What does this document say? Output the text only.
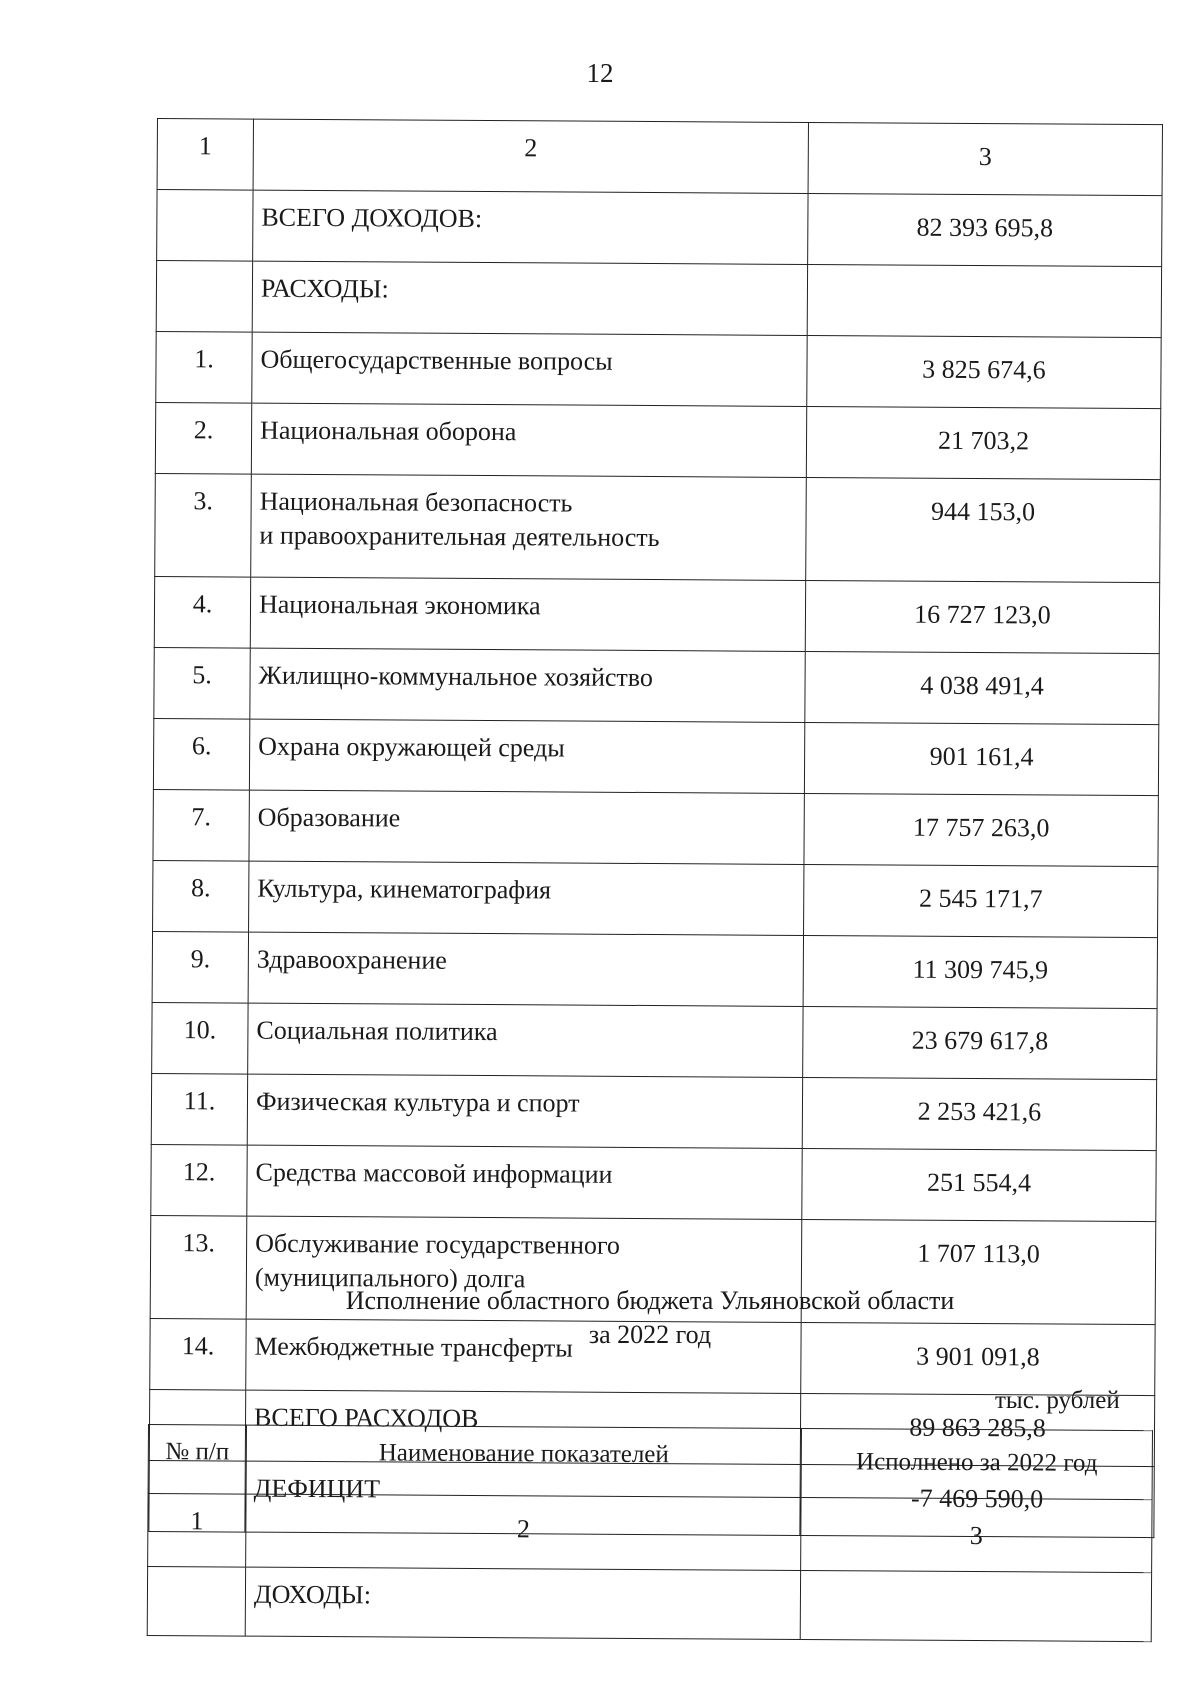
12
1	2	3
	ВСЕГО ДОХОДОВ:	82 393 695,8
	РАСХОДЫ:	
1.	Общегосударственные вопросы	3 825 674,6
2.	Национальная оборона	21 703,2
3.	Национальная безопасность
и правоохранительная деятельность	944 153,0
4.	Национальная экономика	16 727 123,0
5.	Жилищно-коммунальное хозяйство	4 038 491,4
6.	Охрана окружающей среды	901 161,4
7.	Образование	17 757 263,0
8.	Культура, кинематография	2 545 171,7
9.	Здравоохранение	11 309 745,9
10.	Социальная политика	23 679 617,8
11.	Физическая культура и спорт	2 253 421,6
12.	Средства массовой информации	251 554,4
13.	Обслуживание государственного
(муниципального) долга	1 707 113,0
14.	Межбюджетные трансферты	3 901 091,8
	ВСЕГО РАСХОДОВ	89 863 285,8
	ДЕФИЦИТ	-7 469 590,0
Исполнение областного бюджета Ульяновской области
за 2022 год
тыс. рублей
№ п/п	Наименование показателей	Исполнено за 2022 год
1	2	3
	ДОХОДЫ:	
